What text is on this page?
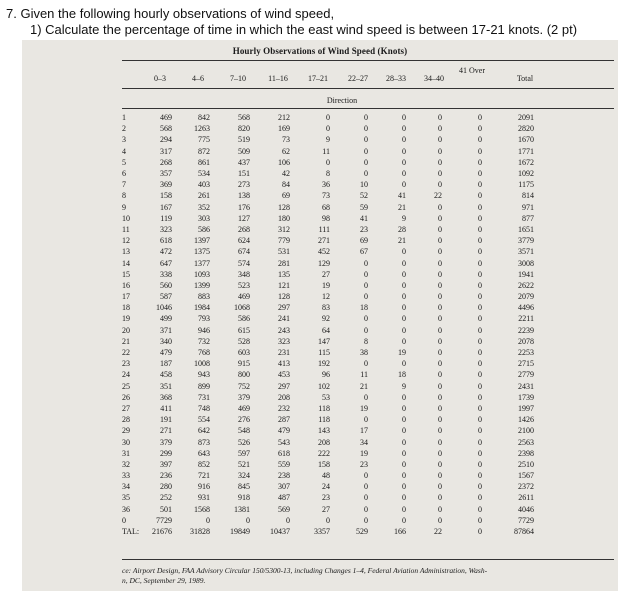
7. Given the following hourly observations of wind speed,
1) Calculate the percentage of time in which the east wind speed is between 17-21 knots. (2 pt)
Hourly Observations of Wind Speed (Knots)
0–3	4–6	7–10	11–16	17–21	22–27	28–33	34–40
41 Over
Total
Direction
1	469	842	568	212	0	0	0	0	0	2091
2	568	1263	820	169	0	0	0	0	0	2820
3	294	775	519	73	9	0	0	0	0	1670
4	317	872	509	62	11	0	0	0	0	1771
5	268	861	437	106	0	0	0	0	0	1672
6	357	534	151	42	8	0	0	0	0	1092
7	369	403	273	84	36	10	0	0	0	1175
8	158	261	138	69	73	52	41	22	0	814
9	167	352	176	128	68	59	21	0	0	971
10	119	303	127	180	98	41	9	0	0	877
11	323	586	268	312	111	23	28	0	0	1651
12	618	1397	624	779	271	69	21	0	0	3779
13	472	1375	674	531	452	67	0	0	0	3571
14	647	1377	574	281	129	0	0	0	0	3008
15	338	1093	348	135	27	0	0	0	0	1941
16	560	1399	523	121	19	0	0	0	0	2622
17	587	883	469	128	12	0	0	0	0	2079
18	1046	1984	1068	297	83	18	0	0	0	4496
19	499	793	586	241	92	0	0	0	0	2211
20	371	946	615	243	64	0	0	0	0	2239
21	340	732	528	323	147	8	0	0	0	2078
22	479	768	603	231	115	38	19	0	0	2253
23	187	1008	915	413	192	0	0	0	0	2715
24	458	943	800	453	96	11	18	0	0	2779
25	351	899	752	297	102	21	9	0	0	2431
26	368	731	379	208	53	0	0	0	0	1739
27	411	748	469	232	118	19	0	0	0	1997
28	191	554	276	287	118	0	0	0	0	1426
29	271	642	548	479	143	17	0	0	0	2100
30	379	873	526	543	208	34	0	0	0	2563
31	299	643	597	618	222	19	0	0	0	2398
32	397	852	521	559	158	23	0	0	0	2510
33	236	721	324	238	48	0	0	0	0	1567
34	280	916	845	307	24	0	0	0	0	2372
35	252	931	918	487	23	0	0	0	0	2611
36	501	1568	1381	569	27	0	0	0	0	4046
0	7729	0	0	0	0	0	0	0	0	7729
TAL:	21676	31828	19849	10437	3357	529	166	22	0	87864
ce: Airport Design, FAA Advisory Circular 150/5300-13, including Changes 1–4, Federal Aviation Administration, Wash-
n, DC, September 29, 1989.
